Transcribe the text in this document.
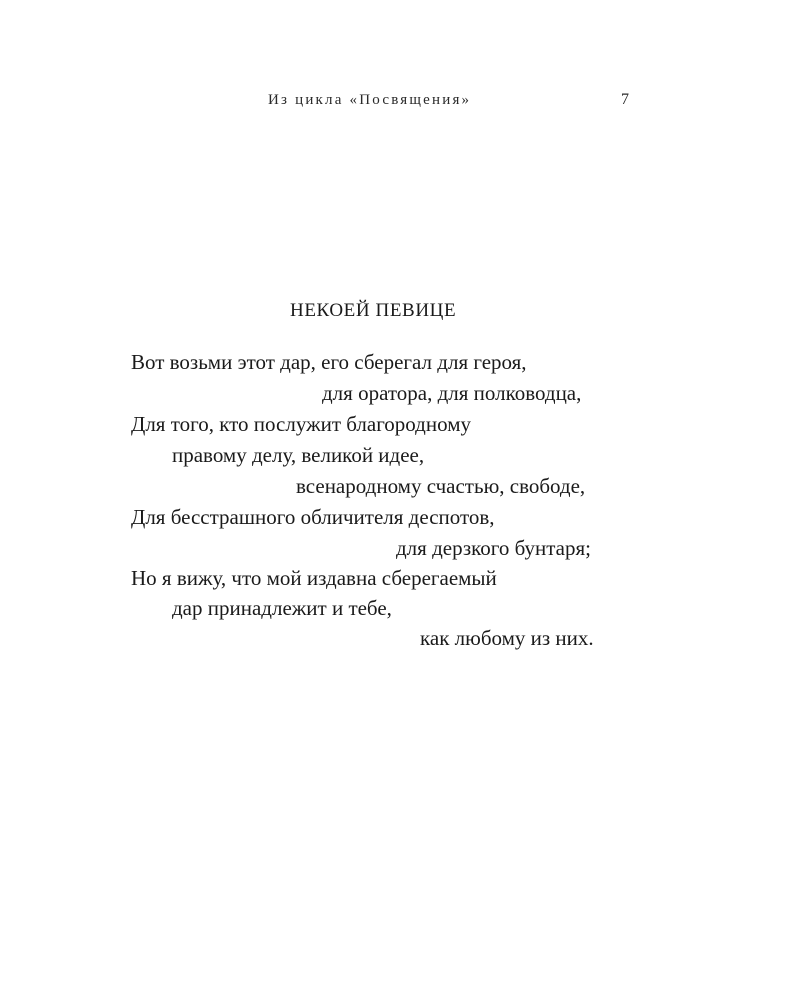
Из цикла «Посвящения»	7
НЕКОЕЙ ПЕВИЦЕ
Вот возьми этот дар, его сберегал для героя,
для оратора, для полководца,
Для того, кто послужит благородному
правому делу, великой идее,
всенародному счастью, свободе,
Для бесстрашного обличителя деспотов,
для дерзкого бунтаря;
Но я вижу, что мой издавна сберегаемый
дар принадлежит и тебе,
как любому из них.
